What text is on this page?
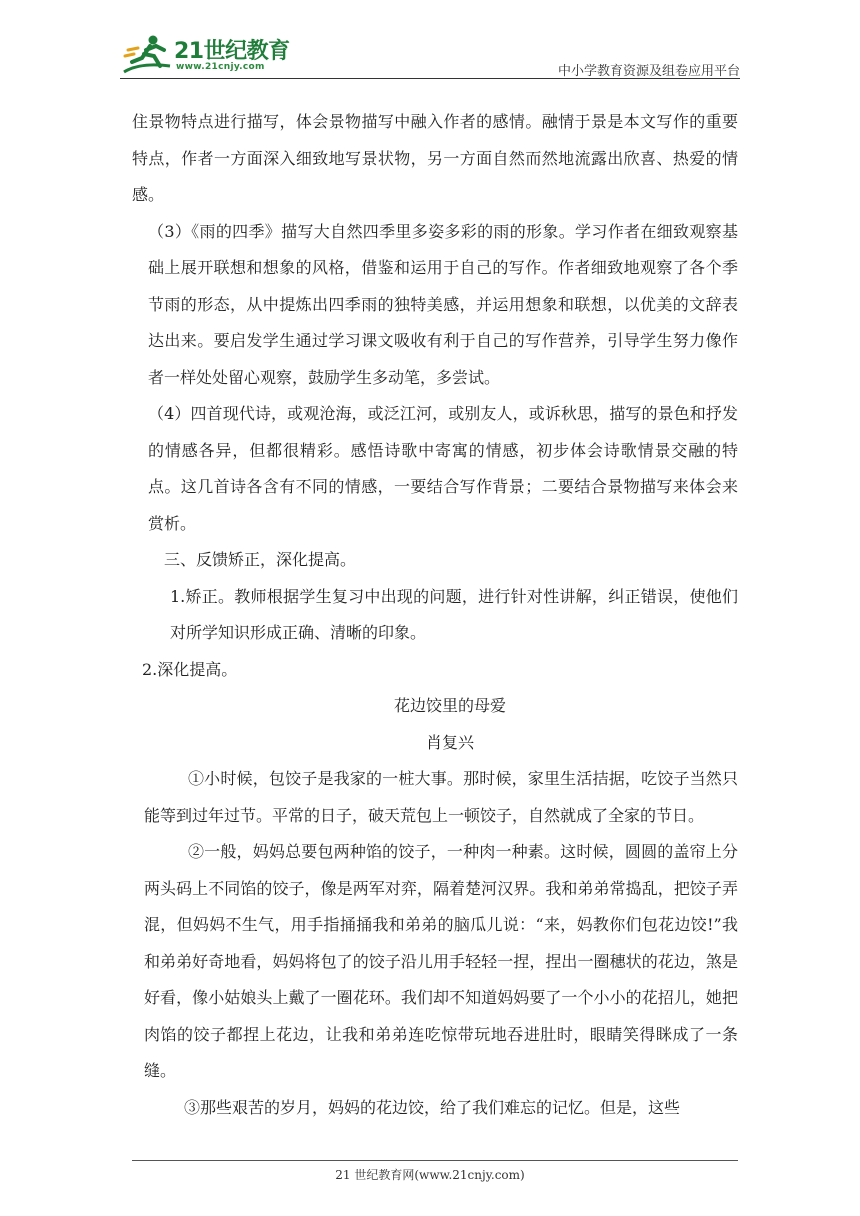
21世纪教育
www.21cnjy.com	中小学教育资源及组卷应用平台

住景物特点进行描写，体会景物描写中融入作者的感情。融情于景是本文写作的重要特点，作者一方面深入细致地写景状物，另一方面自然而然地流露出欣喜、热爱的情感。

（3）《雨的四季》描写大自然四季里多姿多彩的雨的形象。学习作者在细致观察基础上展开联想和想象的风格，借鉴和运用于自己的写作。作者细致地观察了各个季节雨的形态，从中提炼出四季雨的独特美感，并运用想象和联想，以优美的文辞表达出来。要启发学生通过学习课文吸收有利于自己的写作营养，引导学生努力像作者一样处处留心观察，鼓励学生多动笔，多尝试。

（4）四首现代诗，或观沧海，或泛江河，或别友人，或诉秋思，描写的景色和抒发的情感各异，但都很精彩。感悟诗歌中寄寓的情感，初步体会诗歌情景交融的特点。这几首诗各含有不同的情感，一要结合写作背景；二要结合景物描写来体会来赏析。

三、反馈矫正，深化提高。

1.矫正。教师根据学生复习中出现的问题，进行针对性讲解，纠正错误，使他们对所学知识形成正确、清晰的印象。

2.深化提高。

花边饺里的母爱

肖复兴

①小时候，包饺子是我家的一桩大事。那时候，家里生活拮据，吃饺子当然只能等到过年过节。平常的日子，破天荒包上一顿饺子，自然就成了全家的节日。

②一般，妈妈总要包两种馅的饺子，一种肉一种素。这时候，圆圆的盖帘上分两头码上不同馅的饺子，像是两军对弈，隔着楚河汉界。我和弟弟常捣乱，把饺子弄混，但妈妈不生气，用手指捅捅我和弟弟的脑瓜儿说：“来，妈教你们包花边饺!”我和弟弟好奇地看，妈妈将包了的饺子沿儿用手轻轻一捏，捏出一圈穗状的花边，煞是好看，像小姑娘头上戴了一圈花环。我们却不知道妈妈要了一个小小的花招儿，她把肉馅的饺子都捏上花边，让我和弟弟连吃惊带玩地吞进肚时，眼睛笑得眯成了一条缝。

③那些艰苦的岁月，妈妈的花边饺，给了我们难忘的记忆。但是，这些

21 世纪教育网(www.21cnjy.com)
